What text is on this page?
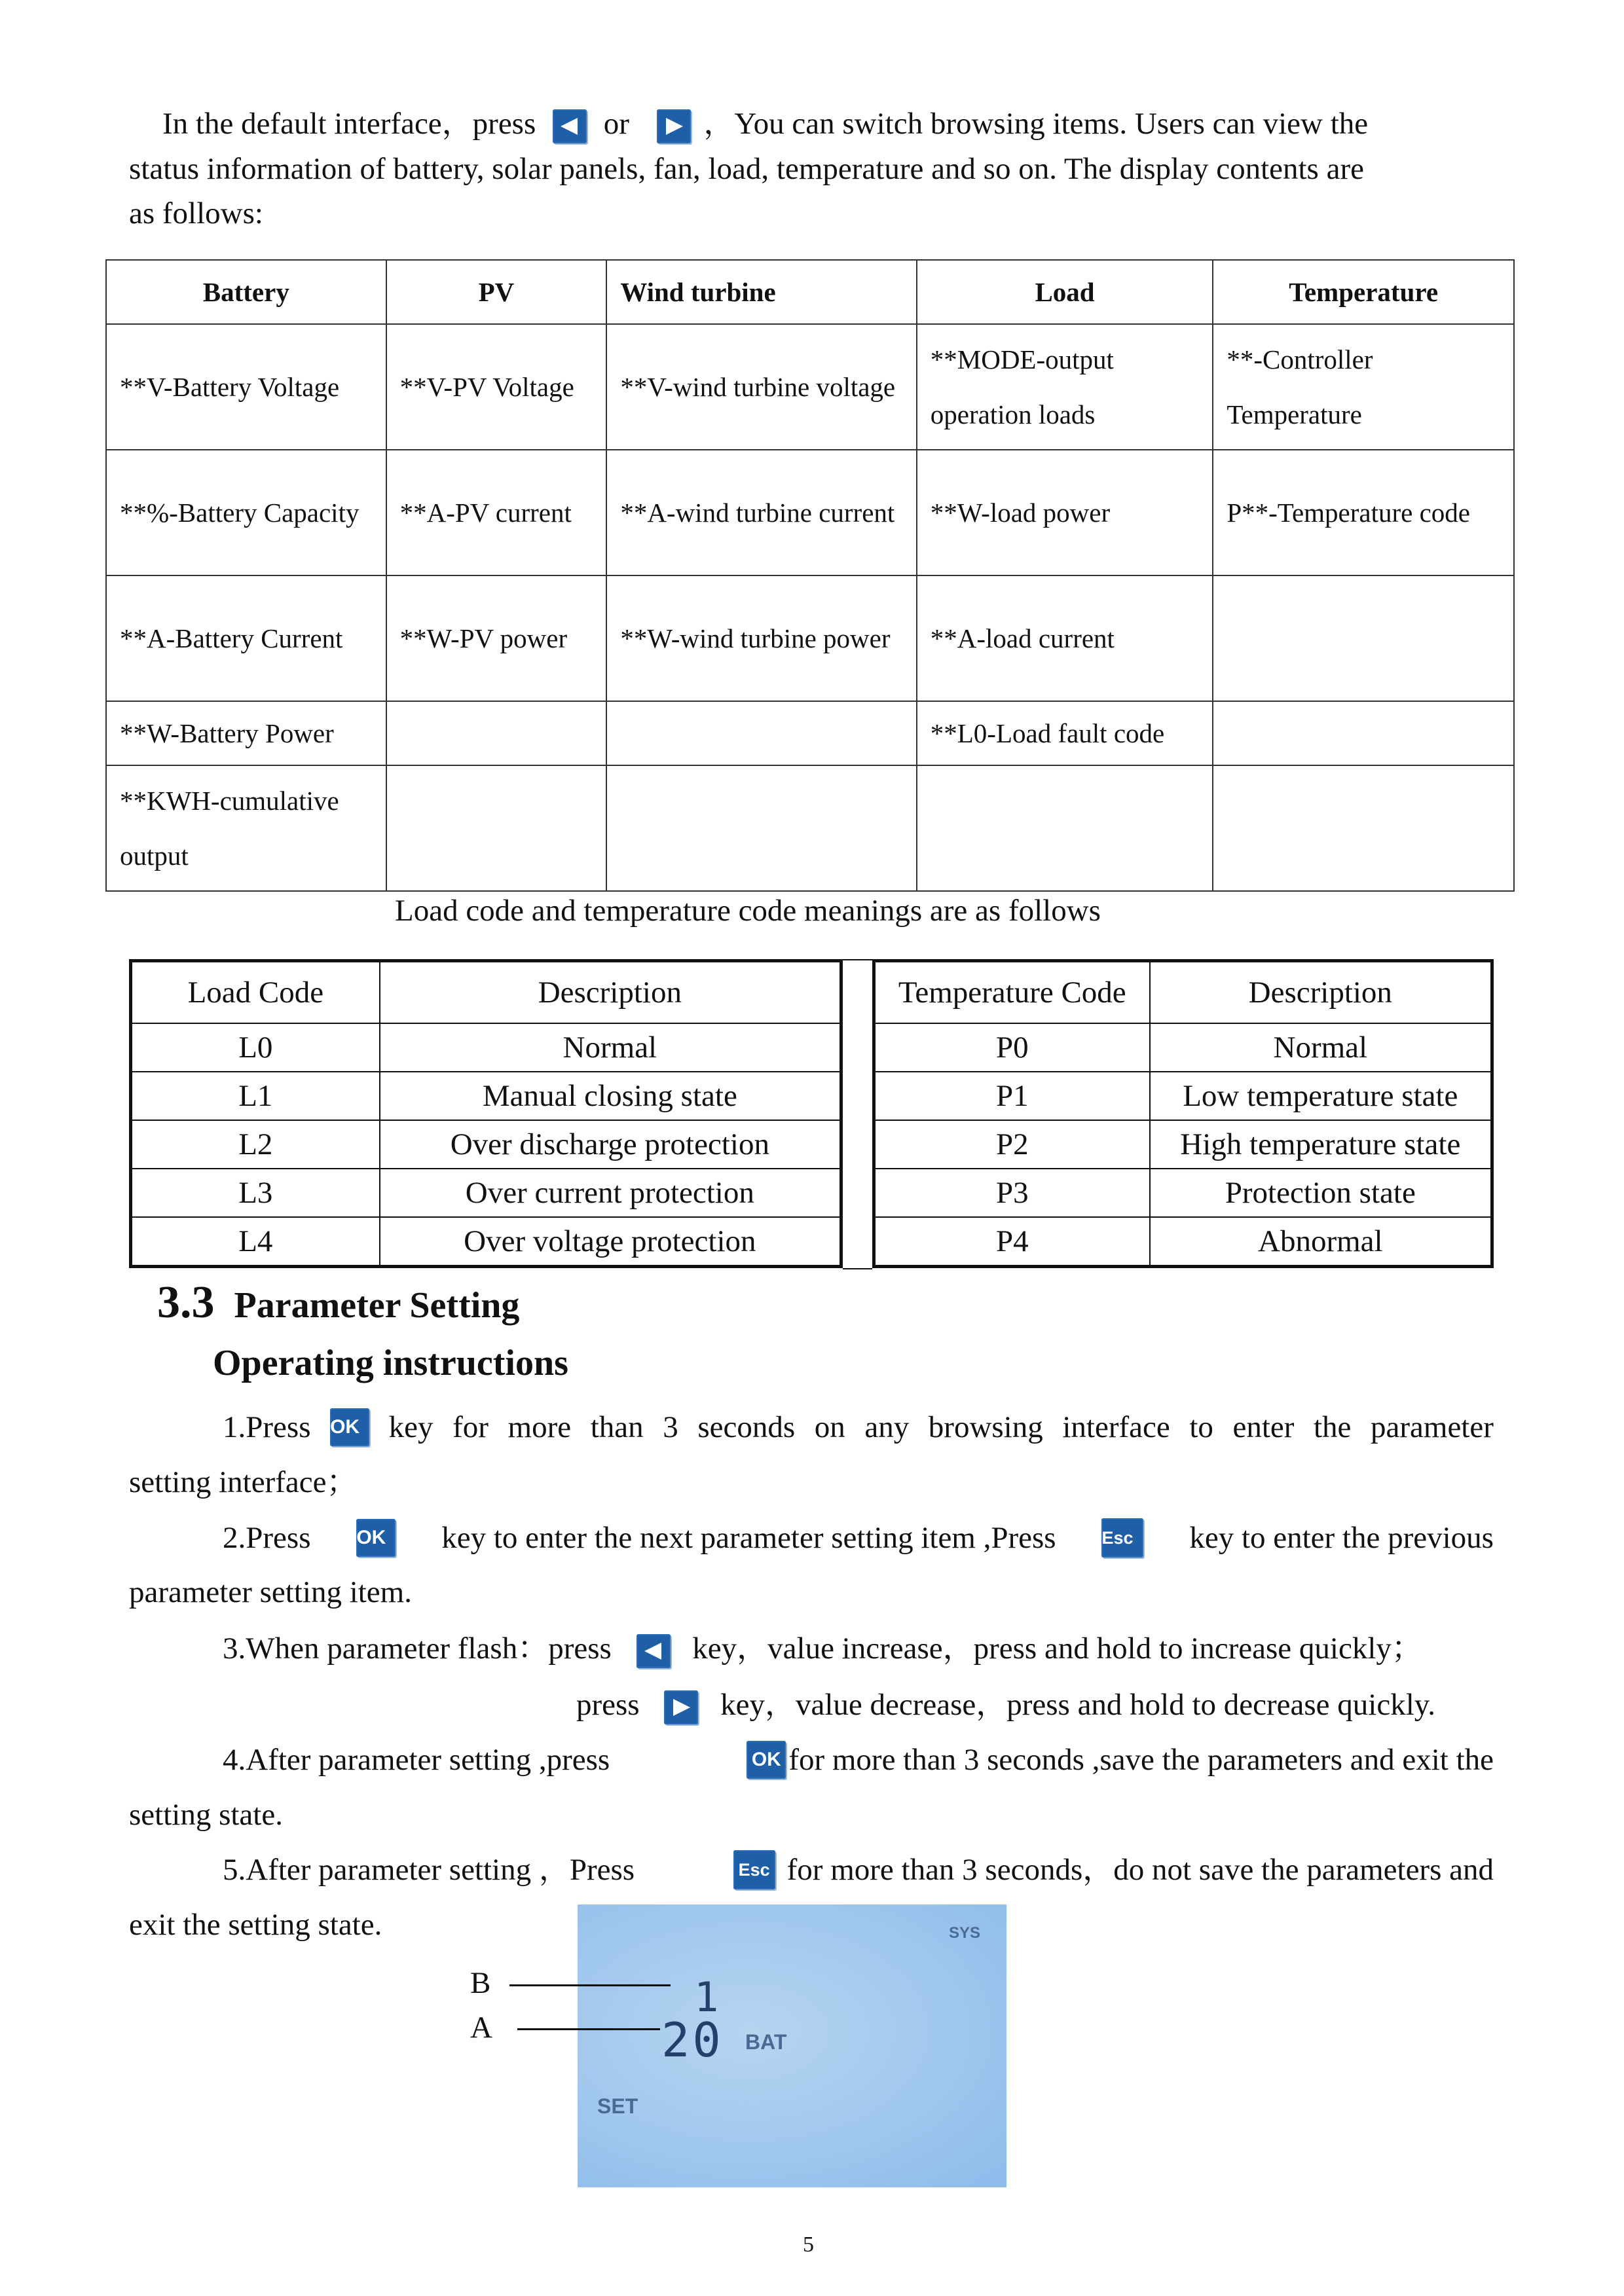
In the default interface，press or ，You can switch browsing items. Users can view the
status information of battery, solar panels, fan, load, temperature and so on. The display contents are
as follows:
Battery	PV	Wind turbine	Load	Temperature
**V-Battery Voltage	**V-PV Voltage	**V-wind turbine voltage	**MODE-output operation loads	**-Controller Temperature
**%-Battery Capacity	**A-PV current	**A-wind turbine current	**W-load power	P**-Temperature code
**A-Battery Current	**W-PV power	**W-wind turbine power	**A-load current	
**W-Battery Power			**L0-Load fault code	
**KWH-cumulative output				
Load code and temperature code meanings are as follows
Load Code	Description
L0	Normal
L1	Manual closing state
L2	Over discharge protection
L3	Over current protection
L4	Over voltage protection
Temperature Code	Description
P0	Normal
P1	Low temperature state
P2	High temperature state
P3	Protection state
P4	Abnormal
3.3 Parameter Setting
Operating instructions
1.Press OK key for more than 3 seconds on any browsing interface to enter the parameter
setting interface；
2.Press OK	key to enter the next parameter setting item ,Press	Esc	key to enter the previous
parameter setting item.
3.When parameter flash：press	key，value increase，press and hold to increase quickly；
press	key，value decrease，press and hold to decrease quickly.
4.After parameter setting ,press	OK for more than 3 seconds ,save the parameters and exit the
setting state.
5.After parameter setting ，Press	Esc for more than 3 seconds，do not save the parameters and
exit the setting state.	SYS
1
20 BAT
SET
B
A
5
